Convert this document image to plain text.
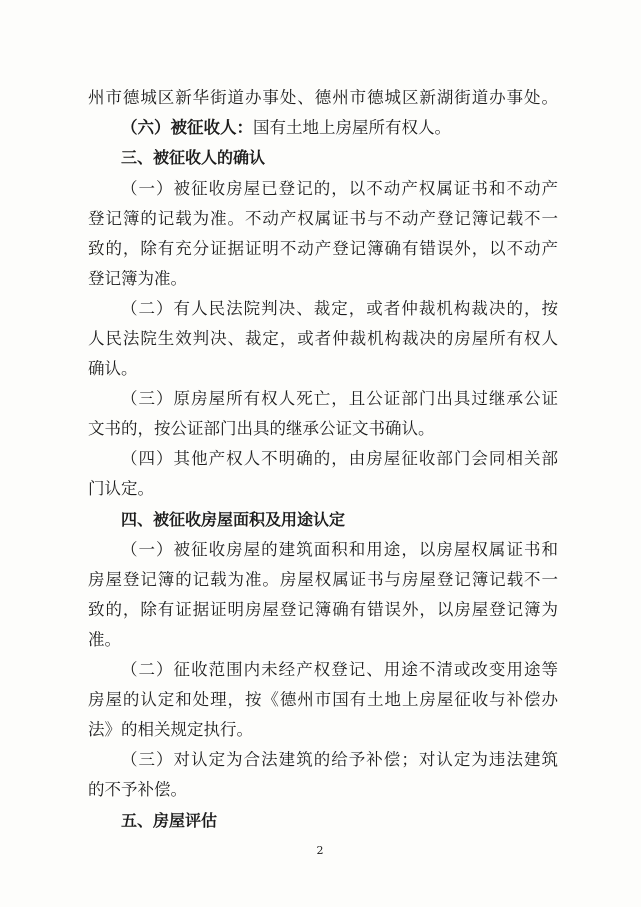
州市德城区新华街道办事处、德州市德城区新湖街道办事处。
（六）被征收人：国有土地上房屋所有权人。
三、被征收人的确认
（一）被征收房屋已登记的，以不动产权属证书和不动产
登记簿的记载为准。不动产权属证书与不动产登记簿记载不一
致的，除有充分证据证明不动产登记簿确有错误外，以不动产
登记簿为准。
（二）有人民法院判决、裁定，或者仲裁机构裁决的，按
人民法院生效判决、裁定，或者仲裁机构裁决的房屋所有权人
确认。
（三）原房屋所有权人死亡，且公证部门出具过继承公证
文书的，按公证部门出具的继承公证文书确认。
（四）其他产权人不明确的，由房屋征收部门会同相关部
门认定。
四、被征收房屋面积及用途认定
（一）被征收房屋的建筑面积和用途，以房屋权属证书和
房屋登记簿的记载为准。房屋权属证书与房屋登记簿记载不一
致的，除有证据证明房屋登记簿确有错误外，以房屋登记簿为
准。
（二）征收范围内未经产权登记、用途不清或改变用途等
房屋的认定和处理，按《德州市国有土地上房屋征收与补偿办
法》的相关规定执行。
（三）对认定为合法建筑的给予补偿；对认定为违法建筑
的不予补偿。
五、房屋评估
2
